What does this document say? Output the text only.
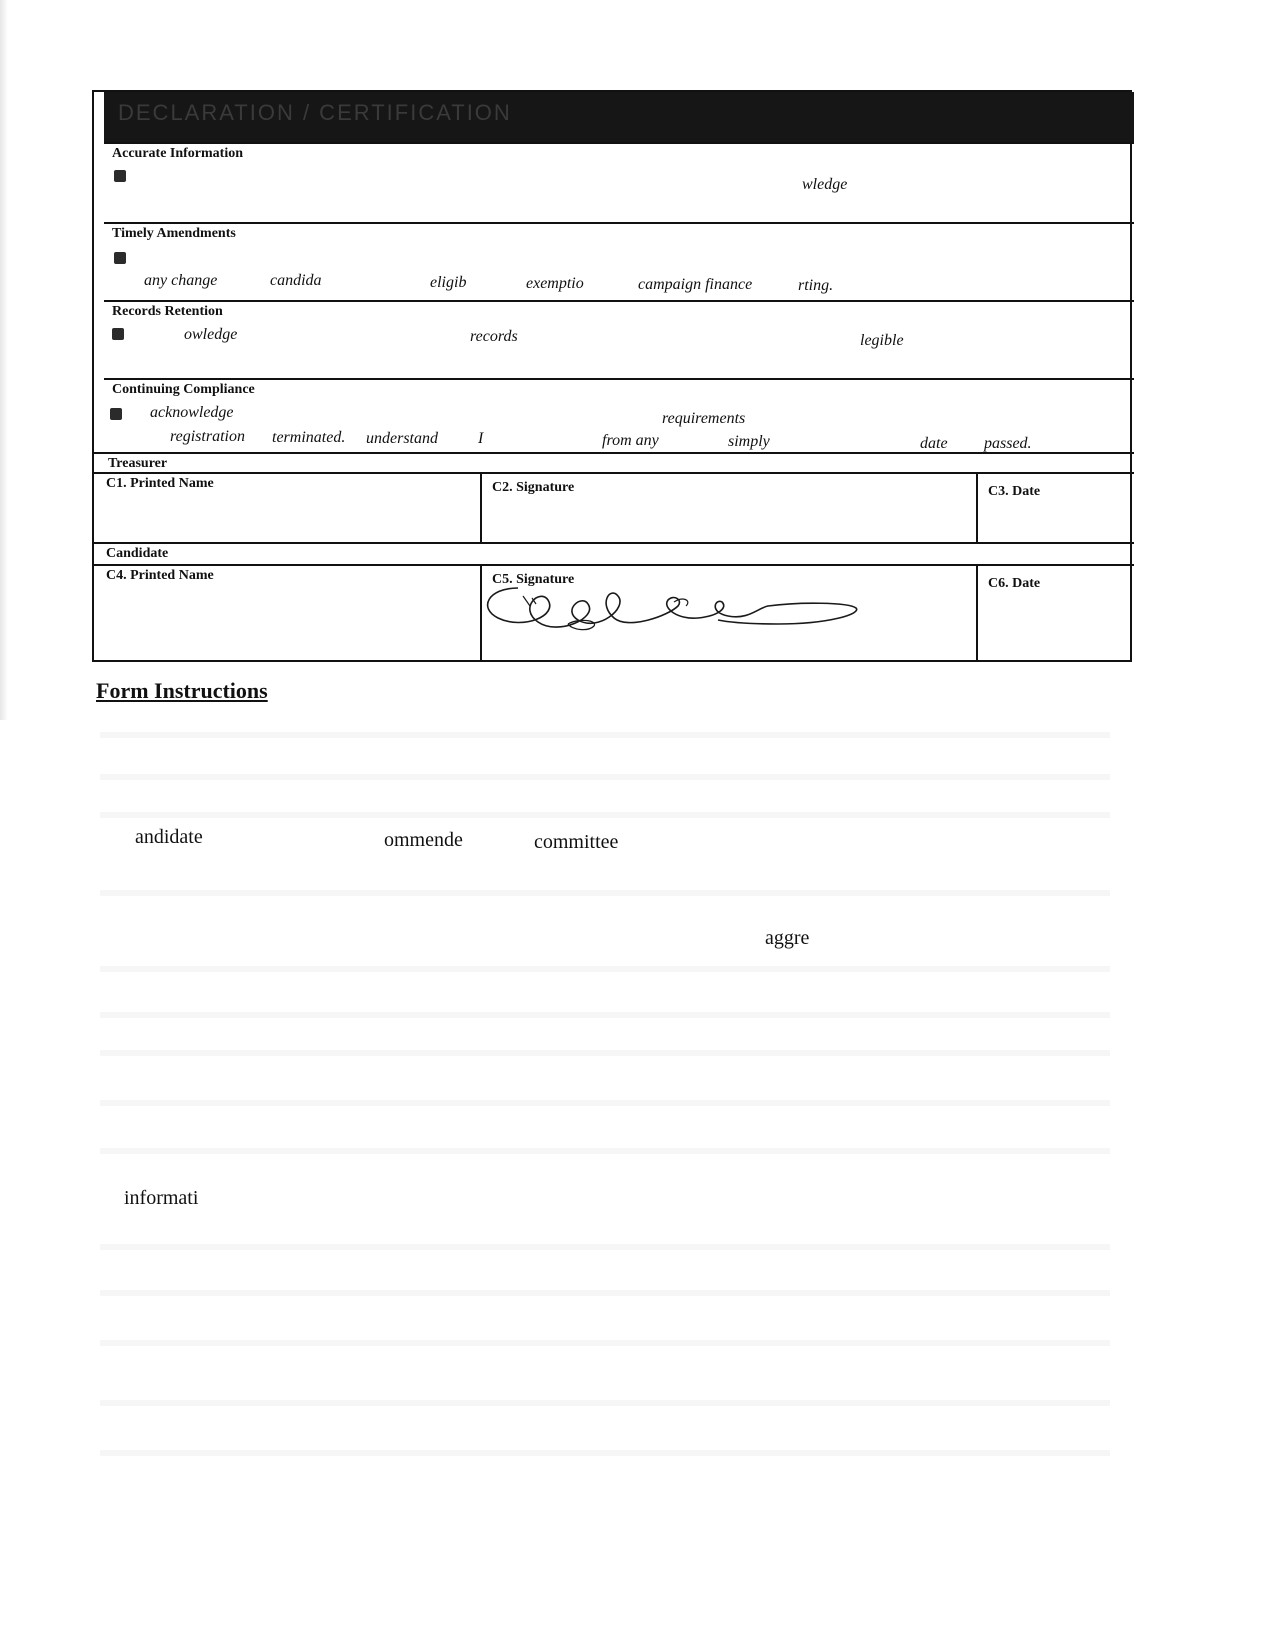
DECLARATION / CERTIFICATION
Accurate Information
wledge
Timely Amendments
any change	candida	eligib	exemptio	campaign finance	rting.
Records Retention
owledge	records	legible
Continuing Compliance
acknowledge	requirements
registration terminated. understand	I	from any	simply	date passed.
Treasurer
C1. Printed Name	C2. Signature	C3. Date
Candidate
C4. Printed Name	C5. Signature	C6. Date
Form Instructions
andidate	ommende	committee
aggre
informati
